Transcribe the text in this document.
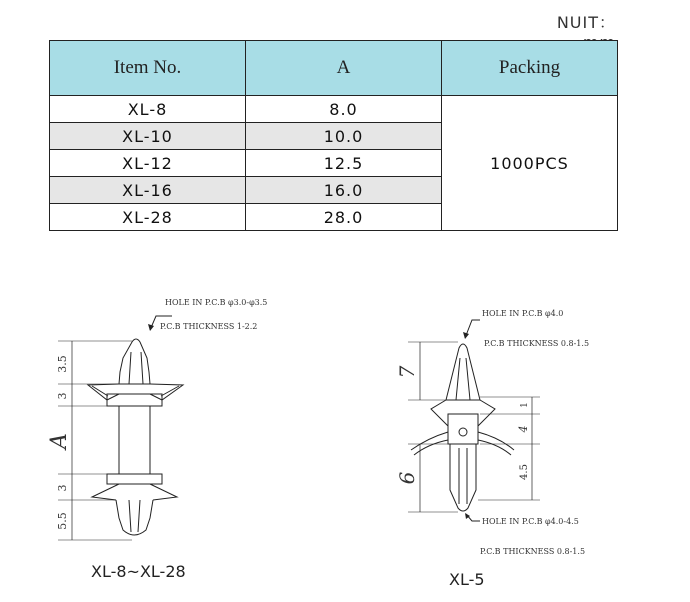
NUIT：
Item No.	A	Packing
XL-8	8.0	1000PCS
XL-10	10.0	
XL-12	12.5	
XL-16	16.0	
XL-28	28.0	
3.5
3
A
3
5.5
HOLE IN P.C.B φ3.0-φ3.5
P.C.B THICKNESS 1-2.2
7
6
1
4
4.5
HOLE IN P.C.B φ4.0
P.C.B THICKNESS 0.8-1.5
HOLE IN P.C.B φ4.0-4.5
P.C.B THICKNESS 0.8-1.5
XL-8~XL-28	XL-5
